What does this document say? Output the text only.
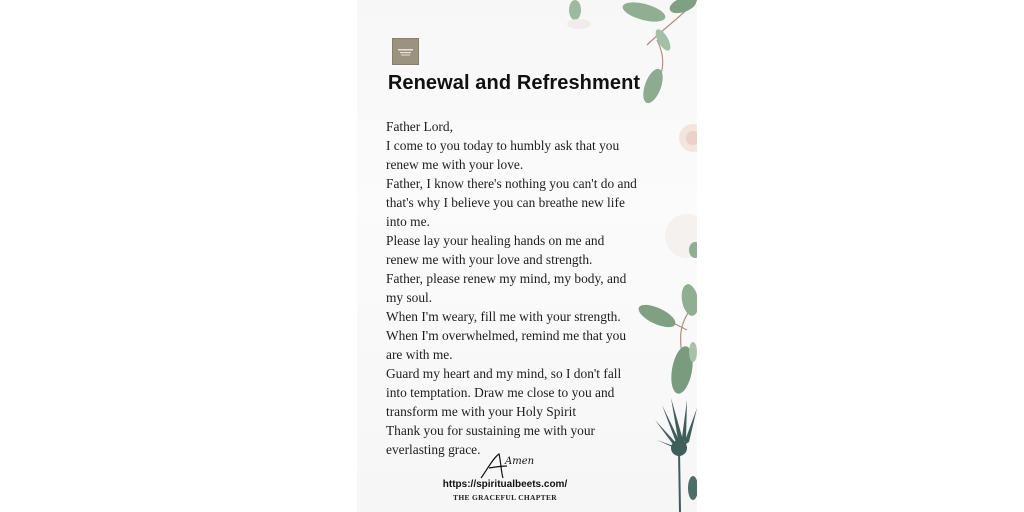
Renewal and Refreshment
Father Lord,
I come to you today to humbly ask that you
renew me with your love.
Father, I know there's nothing you can't do and
that's why I believe you can breathe new life
into me.
Please lay your healing hands on me and
renew me with your love and strength.
Father, please renew my mind, my body, and
my soul.
When I'm weary, fill me with your strength.
When I'm overwhelmed, remind me that you
are with me.
Guard my heart and my mind, so I don't fall
into temptation. Draw me close to you and
transform me with your Holy Spirit
Thank you for sustaining me with your
everlasting grace.
Amen
https://spiritualbeets.com/
THE GRACEFUL CHAPTER
